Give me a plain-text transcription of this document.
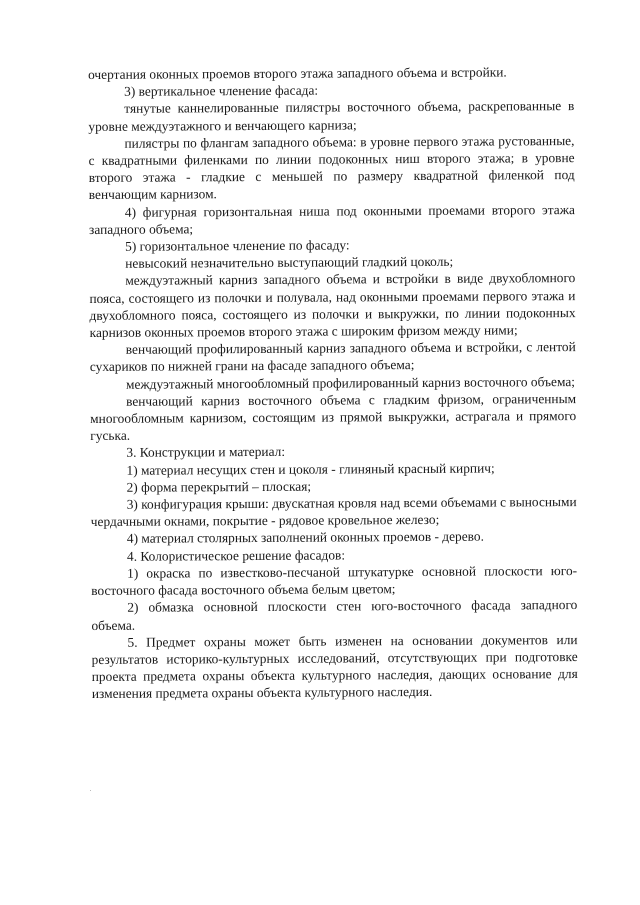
очертания оконных проемов второго этажа западного объема и встройки.

3) вертикальное членение фасада:

тянутые каннелированные пилястры восточного объема, раскрепованные в уровне междуэтажного и венчающего карниза;

пилястры по флангам западного объема: в уровне первого этажа рустованные, с квадратными филенками по линии подоконных ниш второго этажа; в уровне второго этажа - гладкие с меньшей по размеру квадратной филенкой под венчающим карнизом.

4) фигурная горизонтальная ниша под оконными проемами второго этажа западного объема;

5) горизонтальное членение по фасаду:

невысокий незначительно выступающий гладкий цоколь;

междуэтажный карниз западного объема и встройки в виде двухобломного пояса, состоящего из полочки и полувала, над оконными проемами первого этажа и двухобломного пояса, состоящего из полочки и выкружки, по линии подоконных карнизов оконных проемов второго этажа с широким фризом между ними;

венчающий профилированный карниз западного объема и встройки, с лентой сухариков по нижней грани на фасаде западного объема;

междуэтажный многообломный профилированный карниз восточного объема;

венчающий карниз восточного объема с гладким фризом, ограниченным многообломным карнизом, состоящим из прямой выкружки, астрагала и прямого гуська.

3. Конструкции и материал:

1) материал несущих стен и цоколя - глиняный красный кирпич;

2) форма перекрытий – плоская;

3) конфигурация крыши: двускатная кровля над всеми объемами с выносными чердачными окнами, покрытие - рядовое кровельное железо;

4) материал столярных заполнений оконных проемов - дерево.

4. Колористическое решение фасадов:

1) окраска по известково-песчаной штукатурке основной плоскости юго-восточного фасада восточного объема белым цветом;

2) обмазка основной плоскости стен юго-восточного фасада западного объема.

5. Предмет охраны может быть изменен на основании документов или результатов историко-культурных исследований, отсутствующих при подготовке проекта предмета охраны объекта культурного наследия, дающих основание для изменения предмета охраны объекта культурного наследия.
